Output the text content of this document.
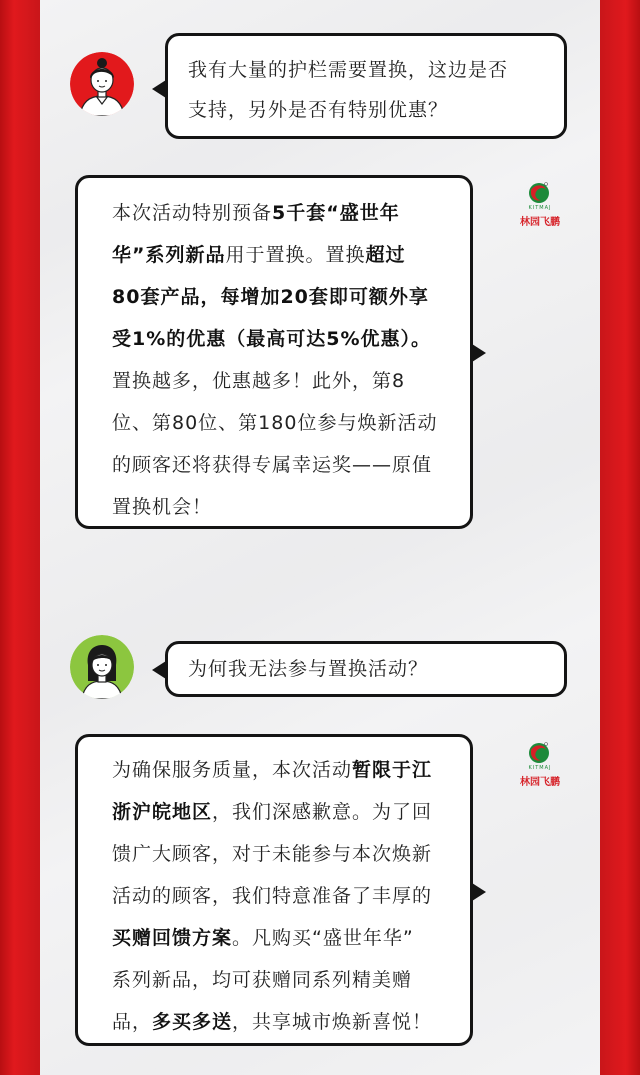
我有大量的护栏需要置换，这边是否
支持，另外是否有特别优惠？
本次活动特别预备5千套“盛世年
华”系列新品用于置换。置换超过
80套产品，每增加20套即可额外享
受1%的优惠（最高可达5%优惠）。
置换越多，优惠越多！此外，第8
位、第80位、第180位参与焕新活动
的顾客还将获得专属幸运奖——原值
置换机会！
KITMAJ
林园飞鹏
为何我无法参与置换活动？
为确保服务质量，本次活动暂限于江
浙沪皖地区，我们深感歉意。为了回
馈广大顾客，对于未能参与本次焕新
活动的顾客，我们特意准备了丰厚的
买赠回馈方案。凡购买“盛世年华”
系列新品，均可获赠同系列精美赠
品，多买多送，共享城市焕新喜悦！
KITMAJ
林园飞鹏
